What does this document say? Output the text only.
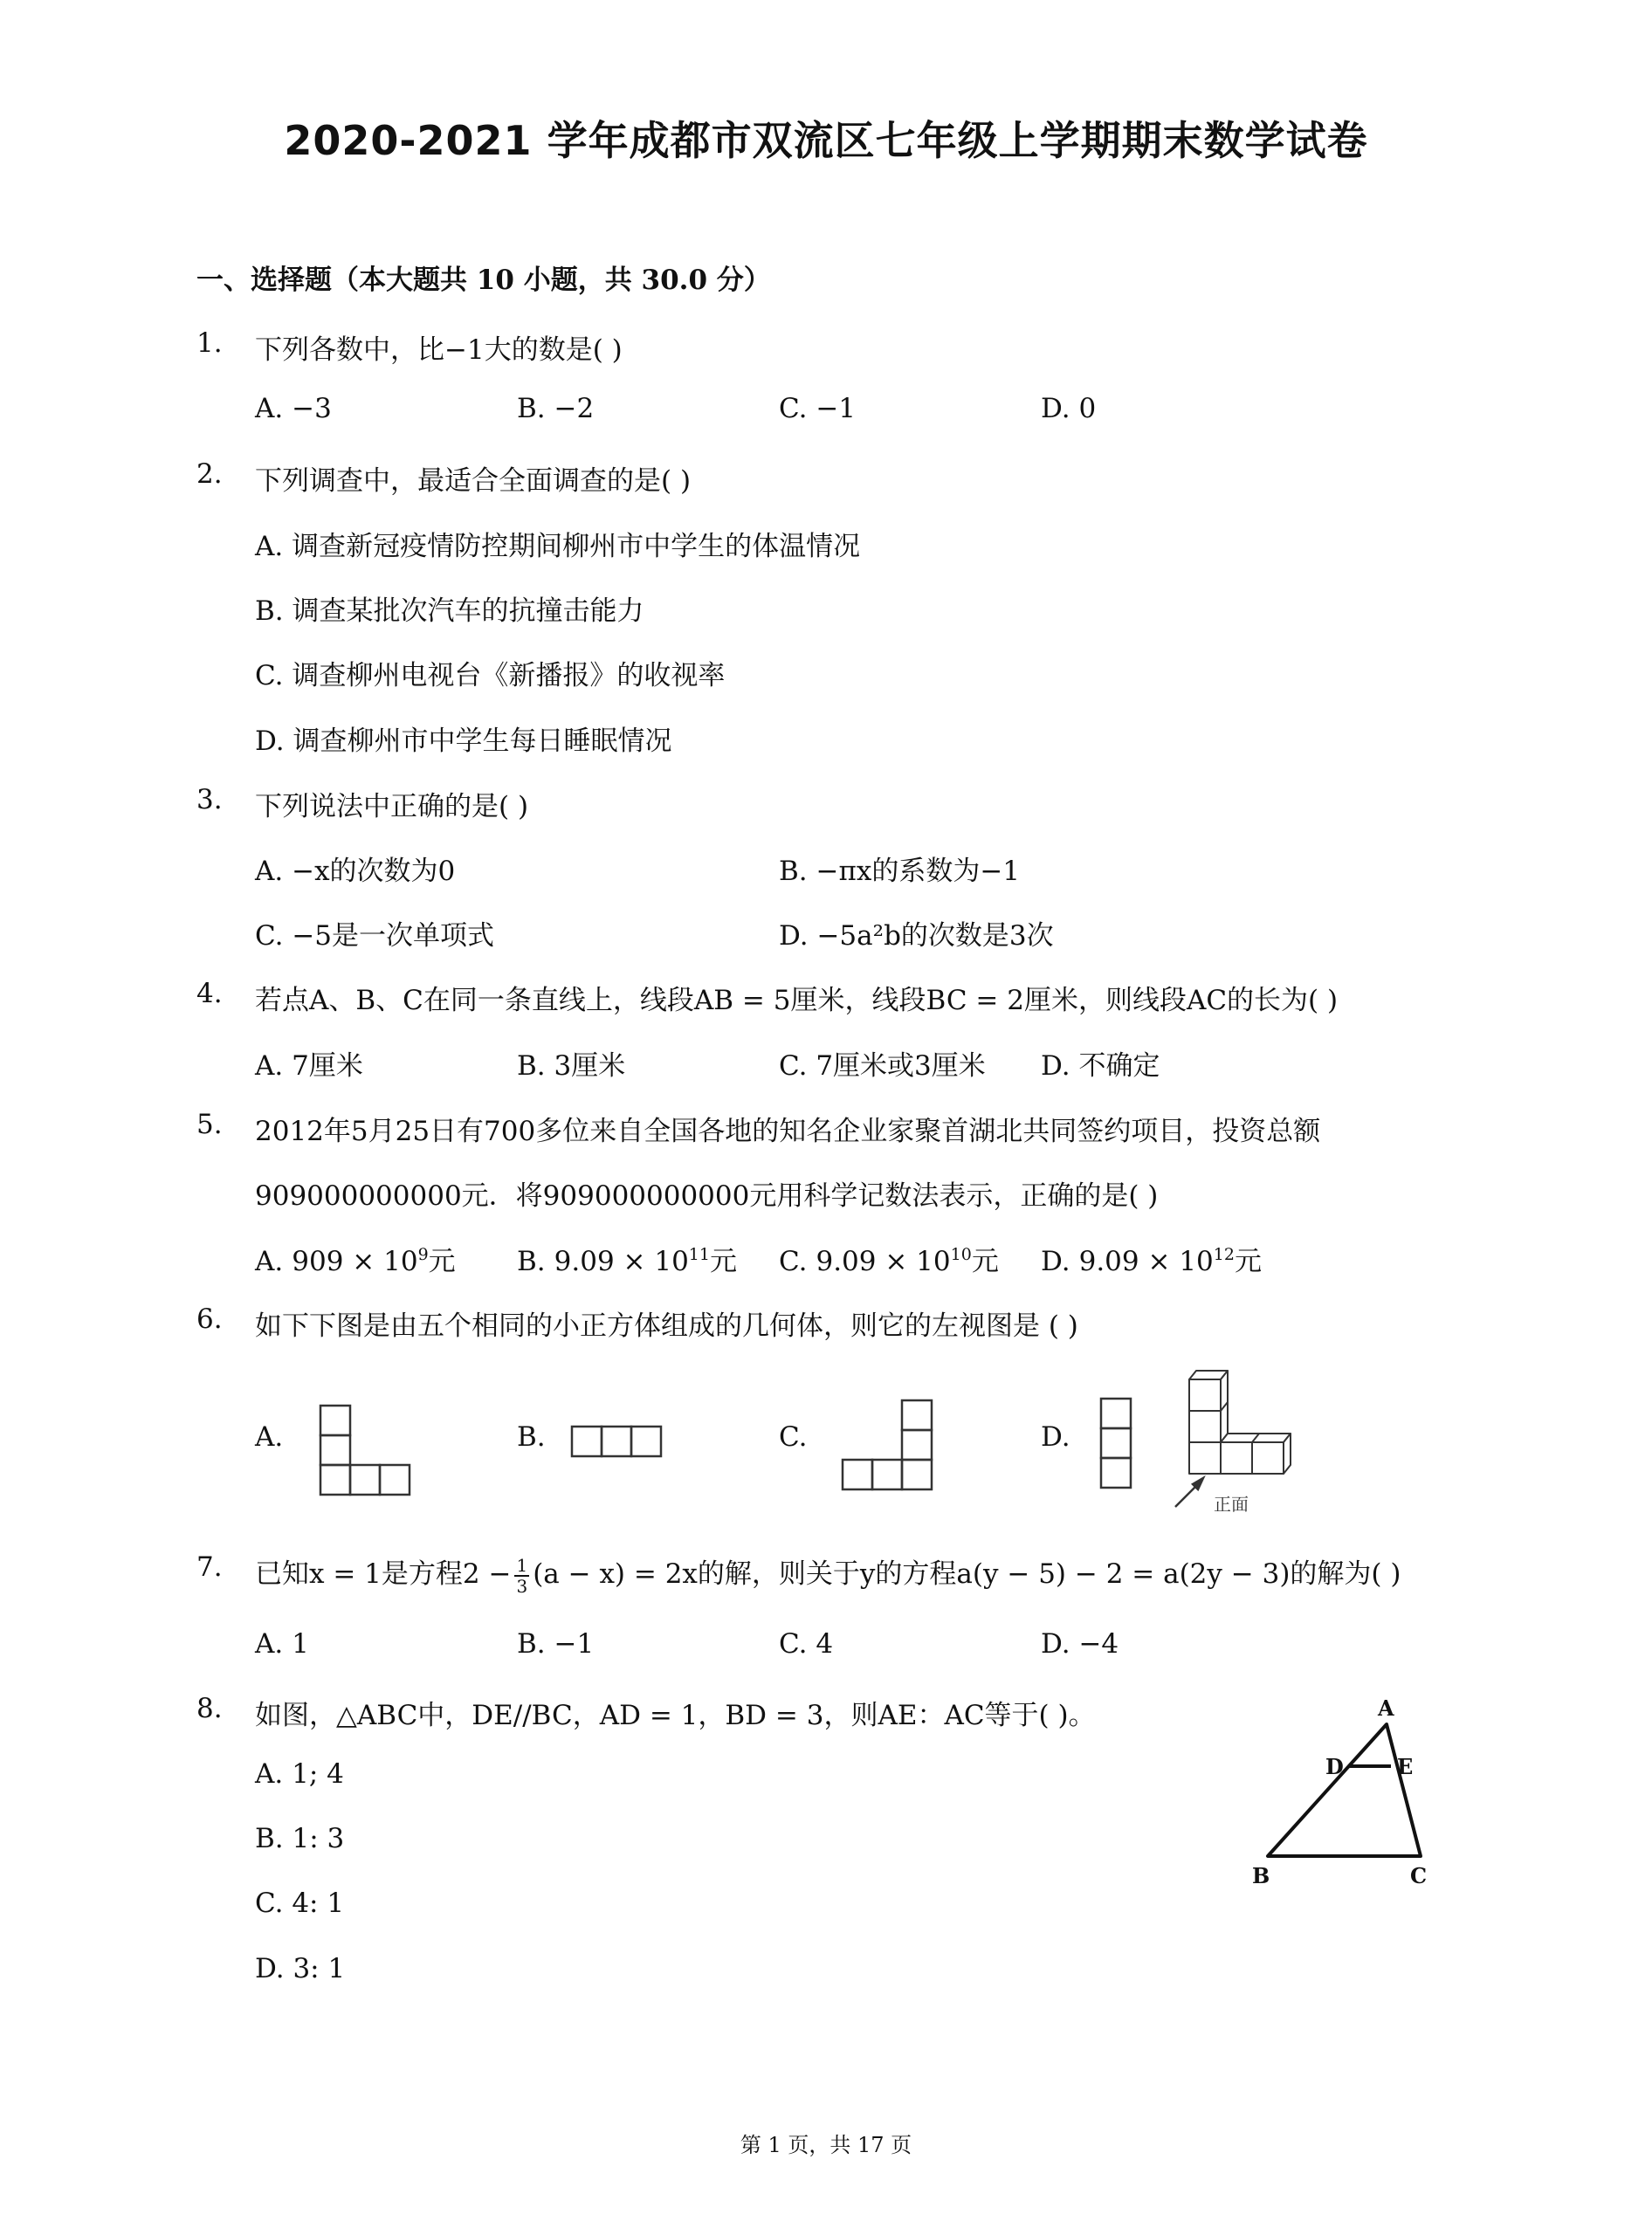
2020-2021 学年成都市双流区七年级上学期期末数学试卷
一、选择题（本大题共 10 小题，共 30.0 分）
1. 下列各数中，比−1大的数是( )
A. −3	B. −2	C. −1	D. 0
2. 下列调查中，最适合全面调查的是( )
A. 调查新冠疫情防控期间柳州市中学生的体温情况
B. 调查某批次汽车的抗撞击能力
C. 调查柳州电视台《新播报》的收视率
D. 调查柳州市中学生每日睡眠情况
3. 下列说法中正确的是( )
A. −x的次数为0	B. −πx的系数为−1
C. −5是一次单项式	D. −5a²b的次数是3次
4. 若点A、B、C在同一条直线上，线段AB = 5厘米，线段BC = 2厘米，则线段AC的长为( )
A. 7厘米	B. 3厘米	C. 7厘米或3厘米 D. 不确定
5. 2012年5月25日有700多位来自全国各地的知名企业家聚首湖北共同签约项目，投资总额
909000000000元．将909000000000元用科学记数法表示，正确的是( )
A. $909 \times 10^9$元 B. $9.09 \times 10^{11}$元 C. $9.09 \times 10^{10}$元 D. $9.09 \times 10^{12}$元
6. 如下下图是由五个相同的小正方体组成的几何体，则它的左视图是 ( )
A.	B.	C.	D.
正面
7. 已知x = 1是方程$2 - \frac{1}{3} (a - x) = 2x$的解，则关于y的方程a(y − 5) − 2 = a(2y − 3)的解为( )
A. 1	B. −1	C. 4	D. −4
8. 如图，△ABC中，DE//BC，AD = 1，BD = 3，则AE：AC等于( )。
A. 1; 4
B. 1: 3
C. 4: 1
D. 3: 1
A
D	E
B	C
第 1 页，共 17 页
